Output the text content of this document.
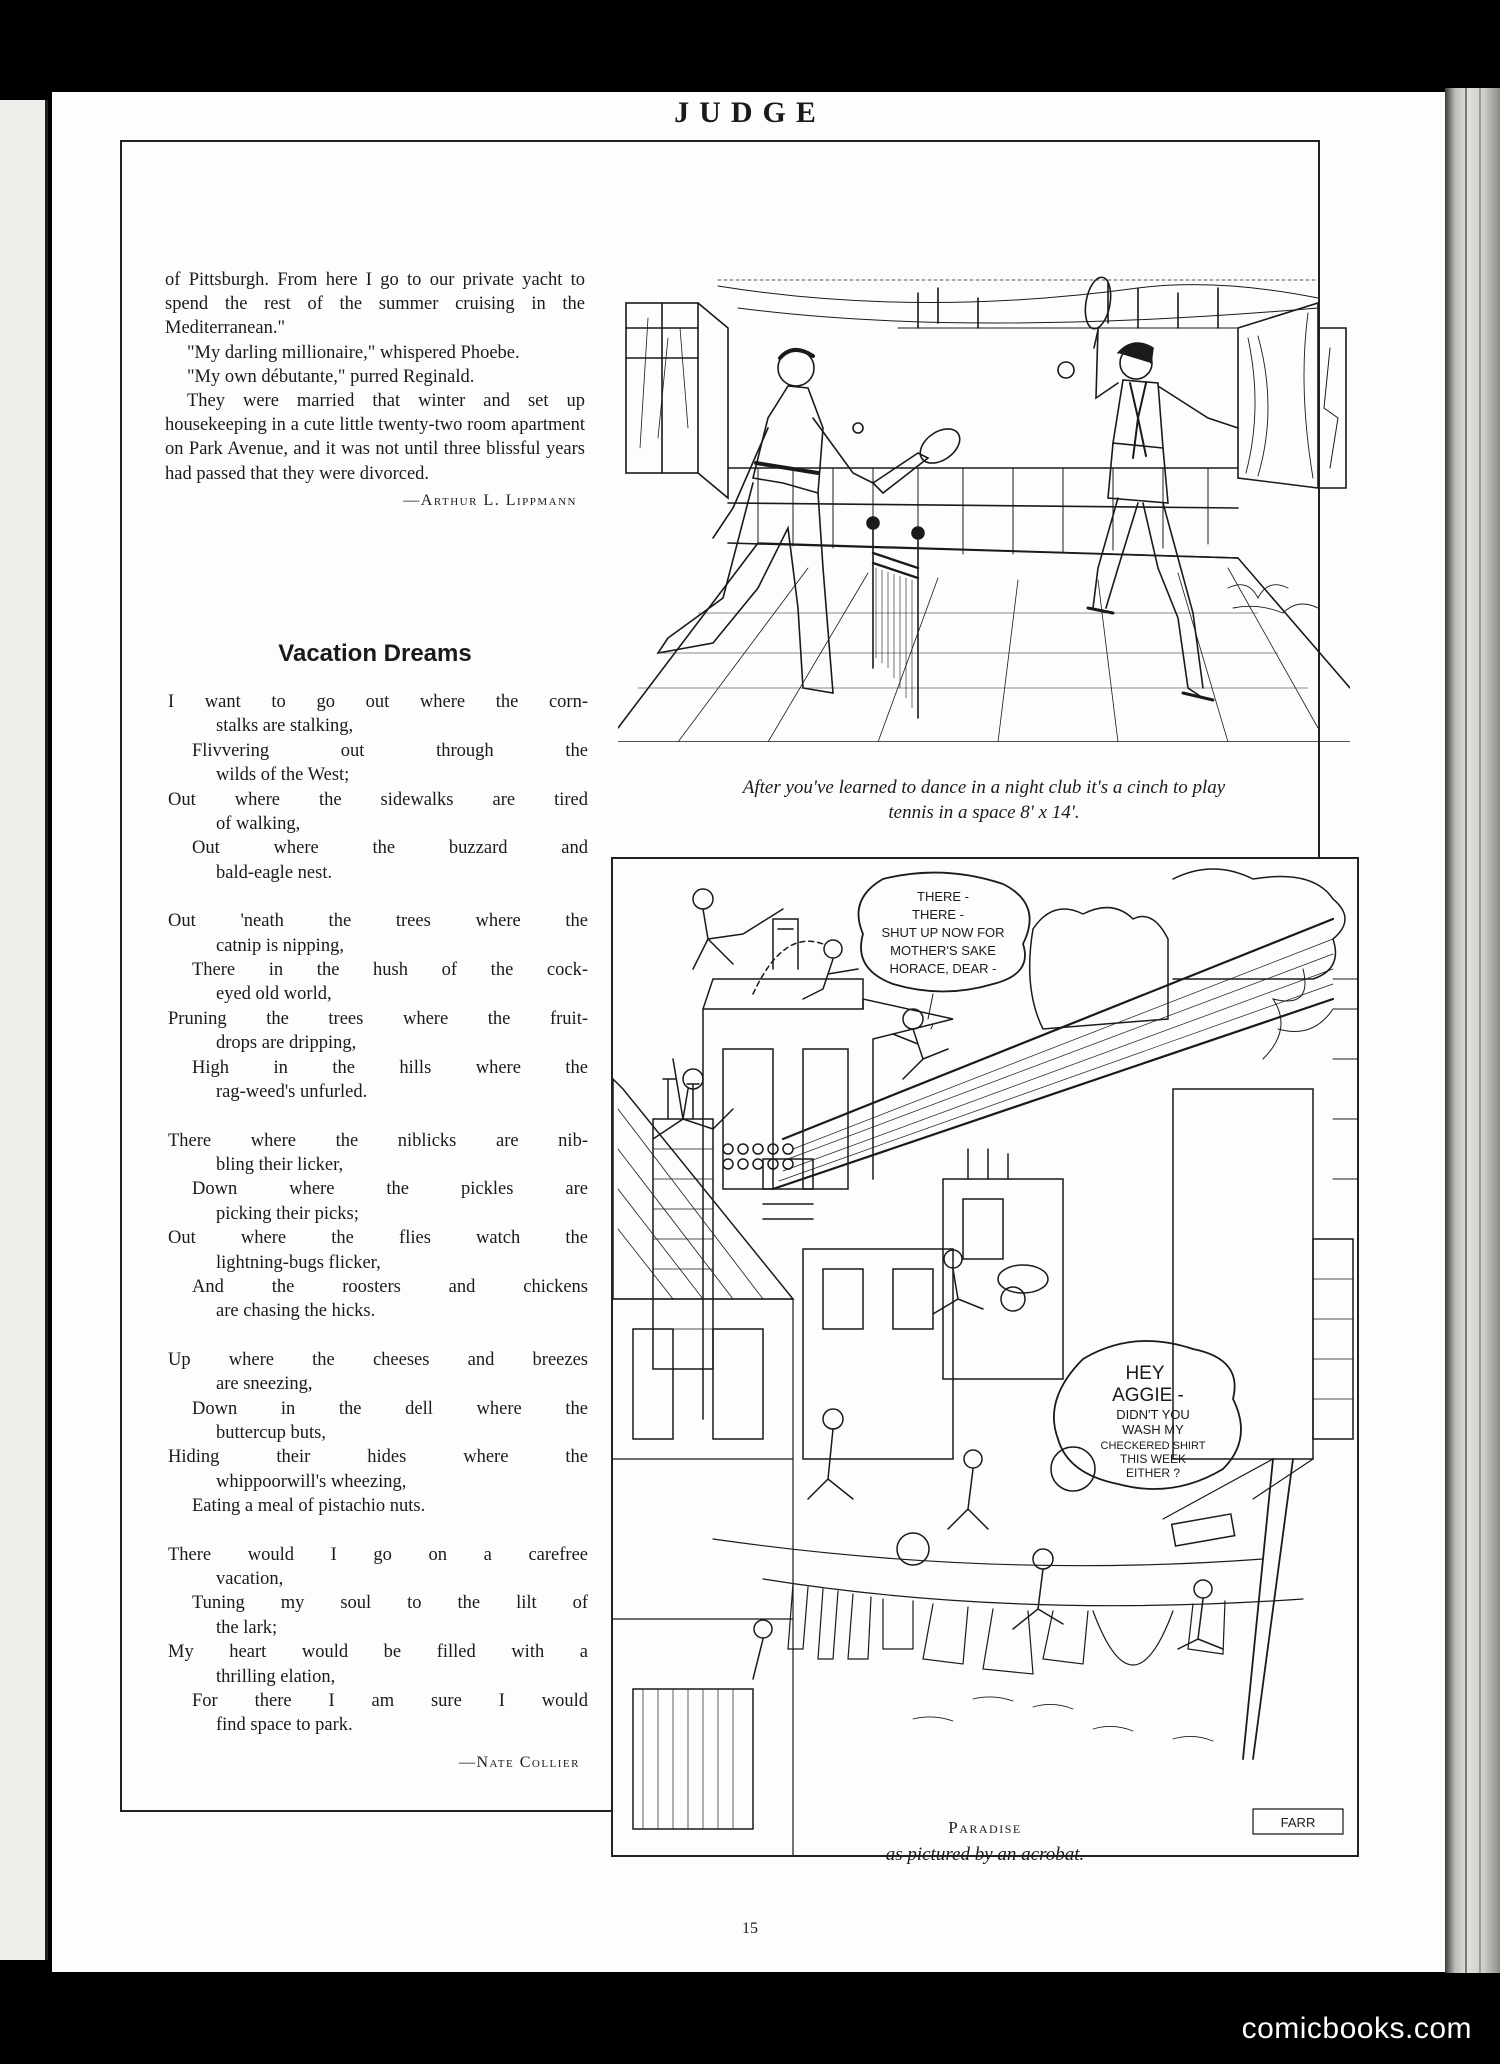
JUDGE

of Pittsburgh. From here I go to our private yacht to spend the rest of the summer cruising in the Mediterranean."

"My darling millionaire," whispered Phoebe.

"My own débutante," purred Reginald.

They were married that winter and set up housekeeping in a cute little twenty-two room apartment on Park Avenue, and it was not until three blissful years had passed that they were divorced.

—Arthur L. Lippmann
Vacation Dreams
I want to go out where the corn-
stalks are stalking,
Flivvering out through the
wilds of the West;
Out where the sidewalks are tired
of walking,
Out where the buzzard and
bald-eagle nest.
Out 'neath the trees where the
catnip is nipping,
There in the hush of the cock-
eyed old world,
Pruning the trees where the fruit-
drops are dripping,
High in the hills where the
rag-weed's unfurled.
There where the niblicks are nib-
bling their licker,
Down where the pickles are
picking their picks;
Out where the flies watch the
lightning-bugs flicker,
And the roosters and chickens
are chasing the hicks.
Up where the cheeses and breezes
are sneezing,
Down in the dell where the
buttercup buts,
Hiding their hides where the
whippoorwill's wheezing,
Eating a meal of pistachio nuts.
There would I go on a carefree
vacation,
Tuning my soul to the lilt of
the lark;
My heart would be filled with a
thrilling elation,
For there I am sure I would
find space to park.
—Nate Collier
After you've learned to dance in a night club it's a cinch to play
tennis in a space 8' x 14'.
THERE -
THERE -
SHUT UP NOW FOR
MOTHER'S SAKE
HORACE, DEAR -
HEY
AGGIE -
DIDN'T YOU
WASH MY
CHECKERED SHIRT
THIS WEEK
EITHER ?
FARR
Paradise
as pictured by an acrobat.
15
comicbooks.com
